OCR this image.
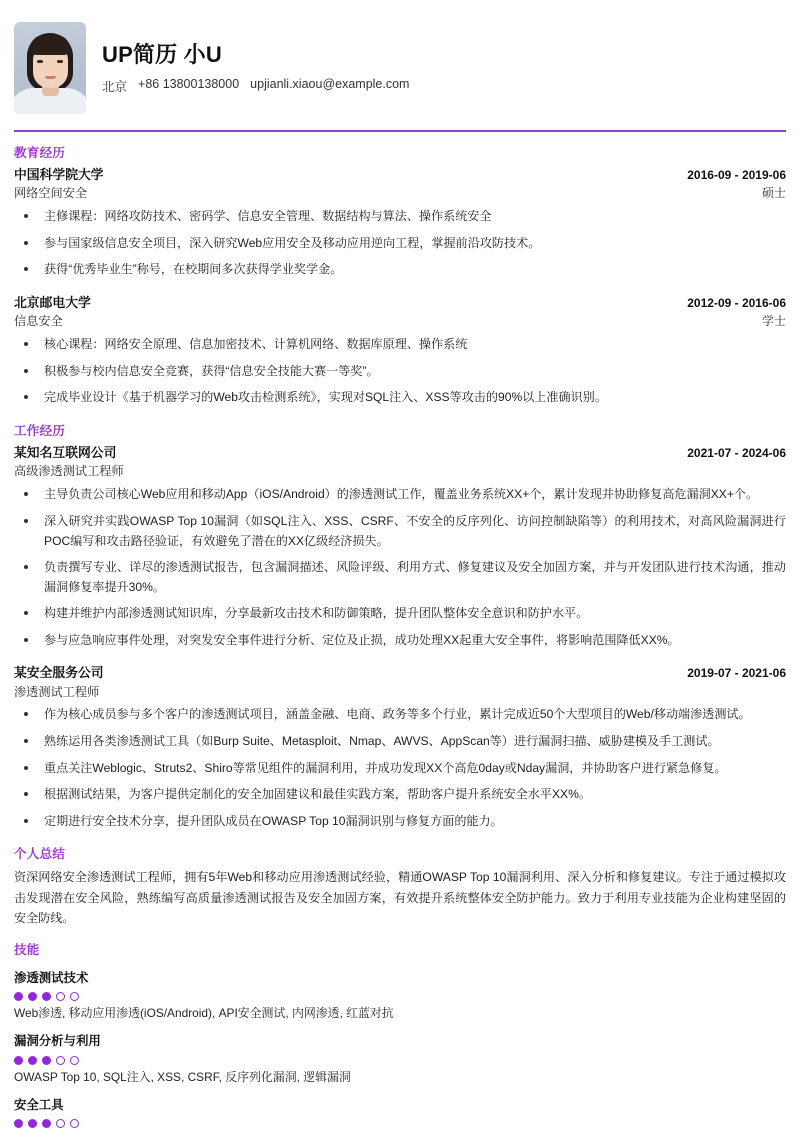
UP简历 小U
北京 +86 13800138000 upjianli.xiaou@example.com
教育经历
中国科学院大学	2016-09 - 2019-06
网络空间安全	硕士
主修课程：网络攻防技术、密码学、信息安全管理、数据结构与算法、操作系统安全
参与国家级信息安全项目，深入研究Web应用安全及移动应用逆向工程，掌握前沿攻防技术。
获得“优秀毕业生”称号，在校期间多次获得学业奖学金。
北京邮电大学	2012-09 - 2016-06
信息安全	学士
核心课程：网络安全原理、信息加密技术、计算机网络、数据库原理、操作系统
积极参与校内信息安全竞赛，获得“信息安全技能大赛一等奖”。
完成毕业设计《基于机器学习的Web攻击检测系统》，实现对SQL注入、XSS等攻击的90%以上准确识别。
工作经历
某知名互联网公司	2021-07 - 2024-06
高级渗透测试工程师
主导负责公司核心Web应用和移动App（iOS/Android）的渗透测试工作，覆盖业务系统XX+个，累计发现并协助修复高危漏洞XX+个。
深入研究并实践OWASP Top 10漏洞（如SQL注入、XSS、CSRF、不安全的反序列化、访问控制缺陷等）的利用技术，对高风险漏洞进行POC编写和攻击路径验证，有效避免了潜在的XX亿级经济损失。
负责撰写专业、详尽的渗透测试报告，包含漏洞描述、风险评级、利用方式、修复建议及安全加固方案，并与开发团队进行技术沟通，推动漏洞修复率提升30%。
构建并维护内部渗透测试知识库，分享最新攻击技术和防御策略，提升团队整体安全意识和防护水平。
参与应急响应事件处理，对突发安全事件进行分析、定位及止损，成功处理XX起重大安全事件，将影响范围降低XX%。
某安全服务公司	2019-07 - 2021-06
渗透测试工程师
作为核心成员参与多个客户的渗透测试项目，涵盖金融、电商、政务等多个行业，累计完成近50个大型项目的Web/移动端渗透测试。
熟练运用各类渗透测试工具（如Burp Suite、Metasploit、Nmap、AWVS、AppScan等）进行漏洞扫描、威胁建模及手工测试。
重点关注Weblogic、Struts2、Shiro等常见组件的漏洞利用，并成功发现XX个高危0day或Nday漏洞，并协助客户进行紧急修复。
根据测试结果，为客户提供定制化的安全加固建议和最佳实践方案，帮助客户提升系统安全水平XX%。
定期进行安全技术分享，提升团队成员在OWASP Top 10漏洞识别与修复方面的能力。
个人总结
资深网络安全渗透测试工程师，拥有5年Web和移动应用渗透测试经验，精通OWASP Top 10漏洞利用、深入分析和修复建议。专注于通过模拟攻击发现潜在安全风险，熟练编写高质量渗透测试报告及安全加固方案，有效提升系统整体安全防护能力。致力于利用专业技能为企业构建坚固的安全防线。
技能
渗透测试技术
Web渗透, 移动应用渗透(iOS/Android), API安全测试, 内网渗透, 红蓝对抗
漏洞分析与利用
OWASP Top 10, SQL注入, XSS, CSRF, 反序列化漏洞, 逻辑漏洞
安全工具
